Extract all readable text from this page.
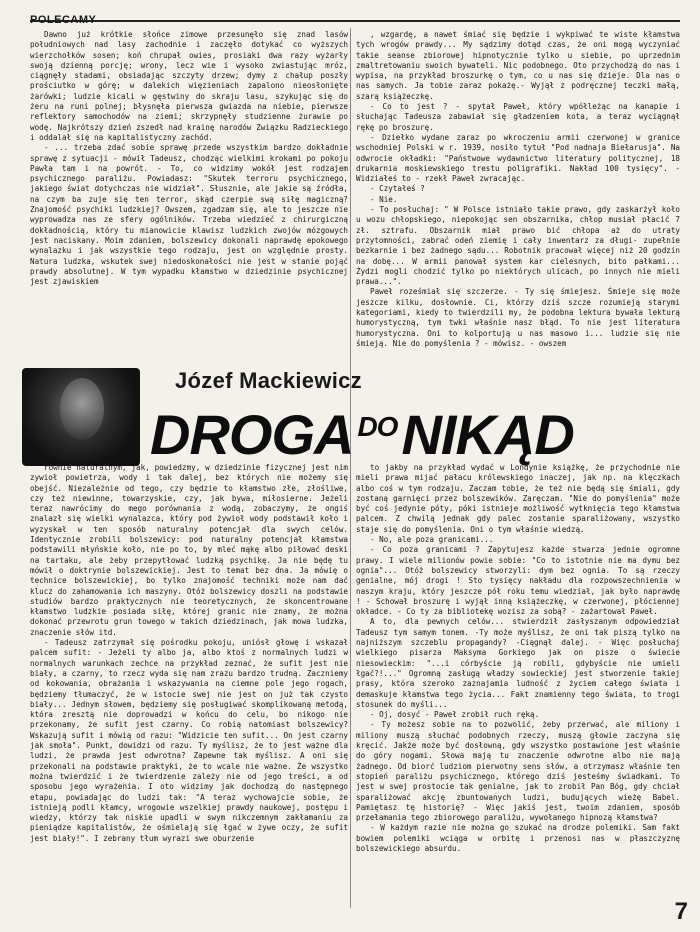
POLECAMY

Dawno już krótkie słońce zimowe przesunęło się znad lasów południowych nad lasy zachodnie i zaczęło dotykać co wyższych wierzchołków sosen; koń chrupał owies, prosiaki dwa razy wyżarły swoją dzienną porcję; wrony, lecz wie i wysoko zwiastując mróz, ciągnęły stadami, obsiadając szczyty drzew; dymy z chałup poszły prościutko w górę; w dalekich więzieniach zapalono nieosłonięte żarówki; ludzie kicali w gęstwiny do skraju lasu, szykując się do żeru na runi polnej; błysnęła pierwsza gwiazda na niebie, pierwsze reflektory samochodów na ziemi; skrzypnęły studzienne żurawie po wodę. Najkrótszy dzień zszedł nad krainę narodów Związku Radzieckiego i oddalał się na kapitalistyczny zachód.

- ... trzeba zdać sobie sprawę przede wszystkim bardzo dokładnie sprawę z sytuacji - mówił Tadeusz, chodząc wielkimi krokami po pokoju Pawła tam i na powrót. - To, co widzimy wokół jest rodzajem psychicznego paraliżu. Powiadasz: "Skutek terroru psychicznego, jakiego świat dotychczas nie widział". Słusznie, ale jakie są źródła, na czym ba zuje się ten terror, skąd czerpie swą siłę magiczną? Znajomość psychiki ludzkiej? Owszem, zgadzam się, ale to jeszcze nie wyprowadza nas ze sfery ogólników. Trzeba wiedzieć z chirurgiczną dokładnością, który tu mianowicie klawisz ludzkich zwojów mózgowych jest naciskany. Moim zdaniem, bolszewicy dokonali naprawdę epokowego wynalazku i jak wszystkie tego rodzaju, jest on względnie prosty. Natura ludzka, wskutek swej niedoskonałości nie jest w stanie pojąć prawdy absolutnej. W tym wypadku kłamstwo w dziedzinie psychicznej jest zjawiskiem

, wzgardę, a nawet śmiać się będzie i wykpiwać te wiste kłamstwa tych wrogów prawdy... My sądzimy dotąd czas, że oni mogą wyczyniać takie seanse zbiorowej hipnotycznie tylko u siebie, po uprzednim zmaltretowaniu swoich bywateli. Nic podobnego. Oto przychodzą do nas i wypisa, na przykład broszurkę o tym, co u nas się dzieje. Dla nas o nas samych. Ja tobie zaraz pokażę.- Wyjął z podręcznej teczki małą, szarą książeczkę.

- Co to jest ? - spytał Paweł, który wpółleżąc na kanapie i słuchając Tadeusza zabawiał się gładzeniem kota, a teraz wyciągnął rękę po broszurę.

- Dziełko wydane zaraz po wkroczeniu armii czerwonej w granice wschodniej Polski w r. 1939, nosiło tytuł "Pod nadnaja Biełarusja". Na odwrocie okładki: "Państwowe wydawnictwo literatury politycznej, 18 drukarnia moskiewskiego trestu poligrafiki. Nakład 100 tysięcy". - Widziałeś to - rzekł Paweł zwracając.

- Czytałeś ?

- Nie.

- To posłuchaj: " W Polsce istniało takie prawo, gdy zaskarżył koło u wozu chłopskiego, niepokojąc sen obszarnika, chłop musiał płacić 7 zł. sztrafu. Obszarnik miał prawo bić chłopa aż do utraty przytomności, zabrać odeń ziemię i cały inwentarz za długi- zupełnie bezkarnie i bez żadnego sądu... Robotnik pracował więcej niż 20 godzin na dobę... W armii panował system kar cielesnych, bito pałkami... Żydzi mogli chodzić tylko po niektórych ulicach, po innych nie mieli prawa...".

Paweł roześmiał się szczerze. - Ty się śmiejesz. Śmieje się może jeszcze kilku, dosłownie. Ci, którzy dziś szcze rozumieją starymi kategoriami, kiedy to twierdzili my, że podobna lektura bywała lekturą humorystyczną, tym twki właśnie nasz błąd. To nie jest literatura humorystyczna. Oni to kolportują u nas masowo i... ludzie się nie śmieją. Nie do pomyślenia ? - mówisz. - owszem

Józef Mackiewicz
DROGA $^{DO}$NIKĄD

równie naturalnym, jak, powiedzmy, w dziedzinie fizycznej jest nim zywioł powietrza, wody i tak dalej, bez których nie możemy się obejść. Niezależnie od tego, czy będzie to kłamstwo złe, złośliwe, czy też niewinne, towarzyskie, czy, jak bywa, miłosierne. Jeżeli teraz nawrócimy do mego porównania z wodą, zobaczymy, że ongiś znalazł się wielki wynalazca, który pod żywioł wody podstawił koło i wyzyskał w ten sposób naturalny potencjał dla swych celów. Identycznie zrobili bolszewicy: pod naturalny potencjał kłamstwa podstawili młyńskie koło, nie po to, by mleć mąkę albo piłować deski na tartaku, ale żeby przepytłować ludzką psychikę. Ja nie będę tu mówił o doktrynie bolszewickiej. Jest to temat bez dna. Ja mówię o technice bolszewickiej, bo tylko znajomość techniki może nam dać klucz do zahamowania ich maszyny. Otóż bolszewicy doszli na podstawie studiów bardzo praktycznych nie teoretycznych, że skoncentrowane kłamstwo ludzkie posiada siłę, której granic nie znamy, że można dokonać przewrotu grun towego w takich dziedzinach, jak mowa ludzka, znaczenie słów itd.

- Tadeusz zatrzymał się pośrodku pokoju, uniósł głowę i wskazał palcem sufit: - Jeżeli ty albo ja, albo ktoś z normalnych ludzi w normalnych warunkach zechce na przykład zeznać, że sufit jest nie biały, a czarny, to rzecz wyda się nam zrazu bardzo trudną. Zaczniemy od kokowania, obrażania i wskazywania na ciemne pole jego rogach, będziemy tłumaczyć, że w istocie swej nie jest on już tak czysto biały... Jednym słowem, będziemy się posługiwać skomplikowaną metodą, która zresztą nie doprowadzi w końcu do celu, bo nikogo nie przekonamy, że sufit jest czarny. Co robią natomiast bolszewicy? Wskazują sufit i mówią od razu: "Widzicie ten sufit... On jest czarny jak smoła". Punkt, dowidzi od razu. Ty myślisz, że to jest ważne dla ludzi, że prawda jest odwrotna? Zapewne tak myślisz. A oni się przekonali na podstawie praktyki, że to wcale nie ważne. Że wszystko można twierdzić i że twierdzenie zależy nie od jego treści, a od sposobu jego wyrażenia. I oto widzimy jak dochodzą do następnego etapu, powiadając do ludzi tak: "A teraz wychowajcie sobie, że istnieją podli kłamcy, wrogowie wszelkiej prawdy naukowej, postępu i wiedzy, którzy tak niskie upadli w swym nikczemnym zakłamaniu za pieniądze kapitalistów, że ośmielają się łgać w żywe oczy, że sufit jest biały!". I zebrany tłum wyrazi swe oburzenie

to jakby na przykład wydać w Londynie książkę, że przychodnie nie mieli prawa mijać pałacu królewskiego inaczej, jak np. na klęczkach albo coś w tym rodzaju. Zaczam tobie, że też nie będą się śmiali, gdy zostaną garnięci przez bolszewików. Zaręczam. "Nie do pomyślenia" może być coś jedynie póty, póki istnieje możliwość wytknięcia tego kłamstwa palcem. Z chwilą jednak gdy palec zostanie sparaliżowany, wszystko staje się do pomyślenia. Oni o tym właśnie wiedzą.

- No, ale poza granicami...

- Co poza granicami ? Zapytujesz każde stwarza jednie ogromne prawy. I wiele milionów powie sobie: "Co to istotnie nie ma dymu bez ognia"... Otóż bolszewicy stworzyli: dym bez ognia. To są rzeczy genialne, mój drogi ! Sto tysięcy nakładu dla rozpowszechnienia w naszym kraju, który jeszcze pół roku temu wiedział, jak było naprawdę ! - Schował broszurę i wyjął inną książeczkę, w czerwonej, płóciennej okładce. - Co ty za bibliotekę wozisz za sobą? - zażartował Paweł.

A to, dla pewnych celów... stwierdził zasłyszanym odpowiedział Tadeusz tym samym tonem. -Ty może myślisz, że oni tak piszą tylko na najniższym szczeblu propagandy? -Ciągnął dalej. - Więc posłuchaj wielkiego pisarza Maksyma Gorkiego jak on pisze o świecie niesowieckim: "...i córbyście ją robili, gdybyście nie umieli łgać?!..." Ogromną zasługą władzy sowieckiej jest stworzenie takiej prasy, która szeroko zaznajamia ludność z życiem całego świata i demaskuje kłamstwa tego życia... Fakt znamienny tego świata, to trogi stosunek do myśli...

- Oj, dosyć - Paweł zrobił ruch ręką.

- Ty możesz sobie na to pozwolić, żeby przerwać, ale miliony i miliony muszą słuchać podobnych rzeczy, muszą głowie zaczyna się kręcić. Jakże może być dosłowną, gdy wszystko postawione jest właśnie do góry nogami. Słowa mają tu znaczenie odwrotne albo nie mają żadnego. Od biorć ludziom pierwotny sens słów, a otrzymasz właśnie ten stopień paraliżu psychicznego, którego dziś jesteśmy świadkami. To jest w swej prostocie tak genialne, jak to zrobił Pan Bóg, gdy chciał sparaliżować akcję zbuntowanych ludzi, budujących wieżę Babel. Pamiętasz tę historię? - Więc jakiś jest, twoim zdaniem, sposób przełamania tego zbiorowego paraliżu, wywołanego hipnozą kłamstwa?

- W każdym razie nie można go szukać na drodze polemiki. Sam fakt bowiem polemiki wciąga w orbitę i przenosi nas w płaszczyznę bolszewickiego absurdu.

7
